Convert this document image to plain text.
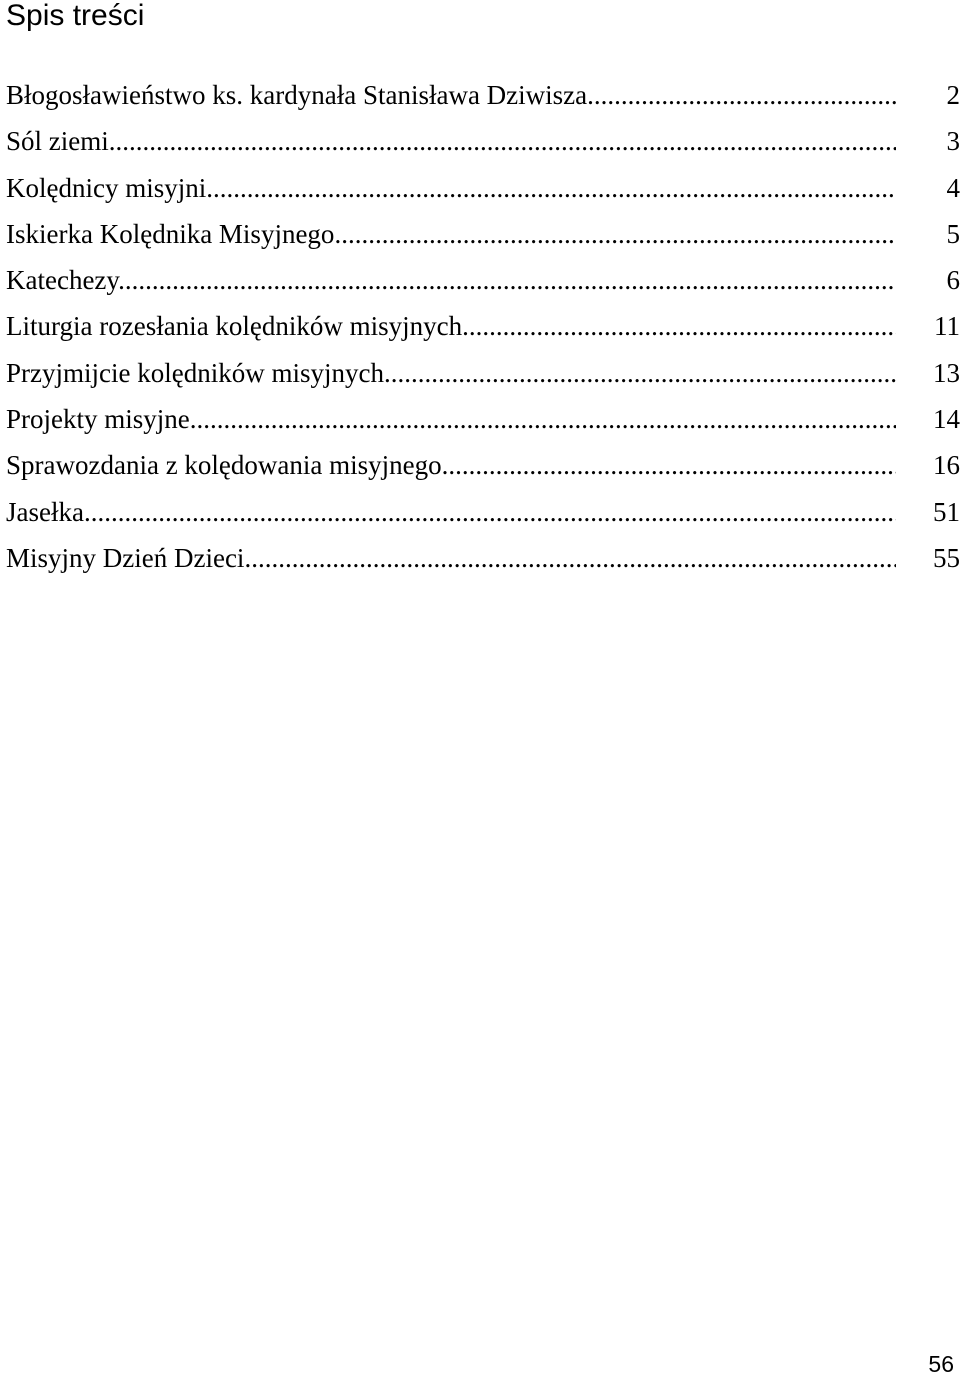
Spis treści
Błogosławieństwo ks. kardynała Stanisława Dziwisza .....	2
Sól ziemi .....	3
Kolędnicy misyjni .....	4
Iskierka Kolędnika Misyjnego .....	5
Katechezy .....	6
Liturgia rozesłania kolędników misyjnych .....	11
Przyjmijcie kolędników misyjnych .....	13
Projekty misyjne .....	14
Sprawozdania z kolędowania misyjnego .....	16
Jasełka .....	51
Misyjny Dzień Dzieci .....	55
56
